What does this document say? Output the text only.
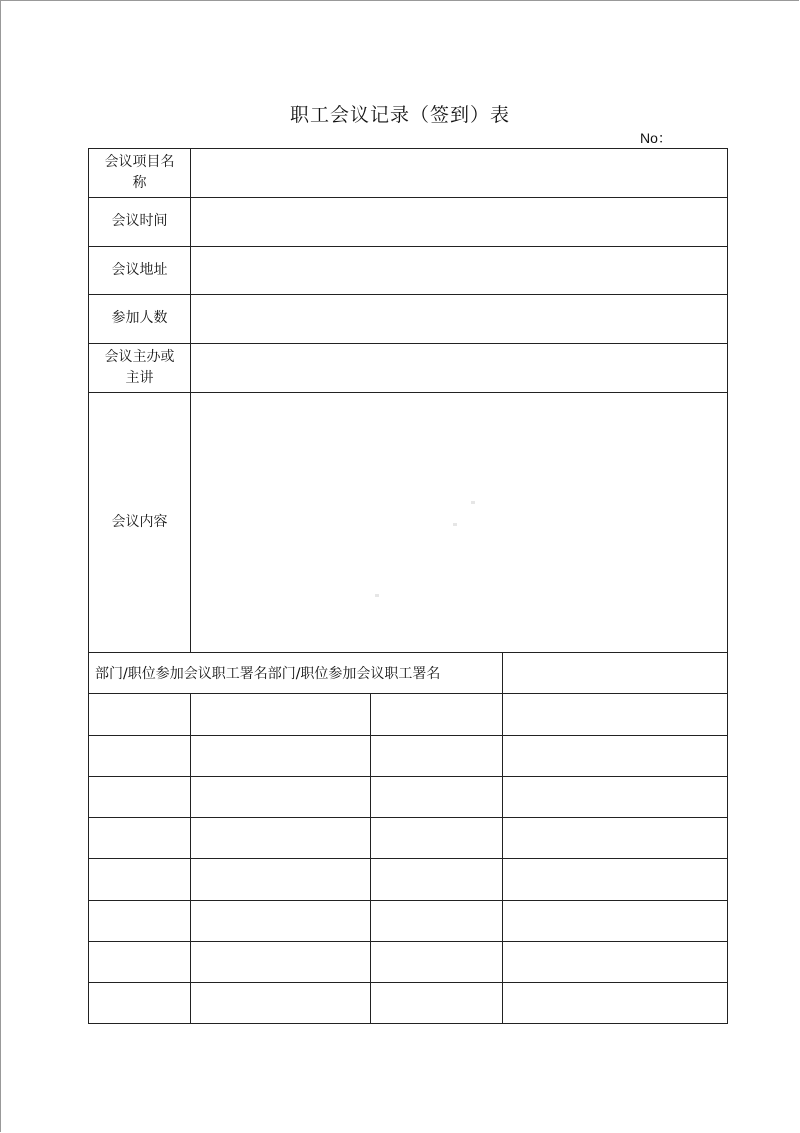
职工会议记录（签到）表
No：
会议项目名称
会议时间
会议地址
参加人数
会议主办或主讲
会议内容
部门/职位参加会议职工署名部门/职位参加会议职工署名
